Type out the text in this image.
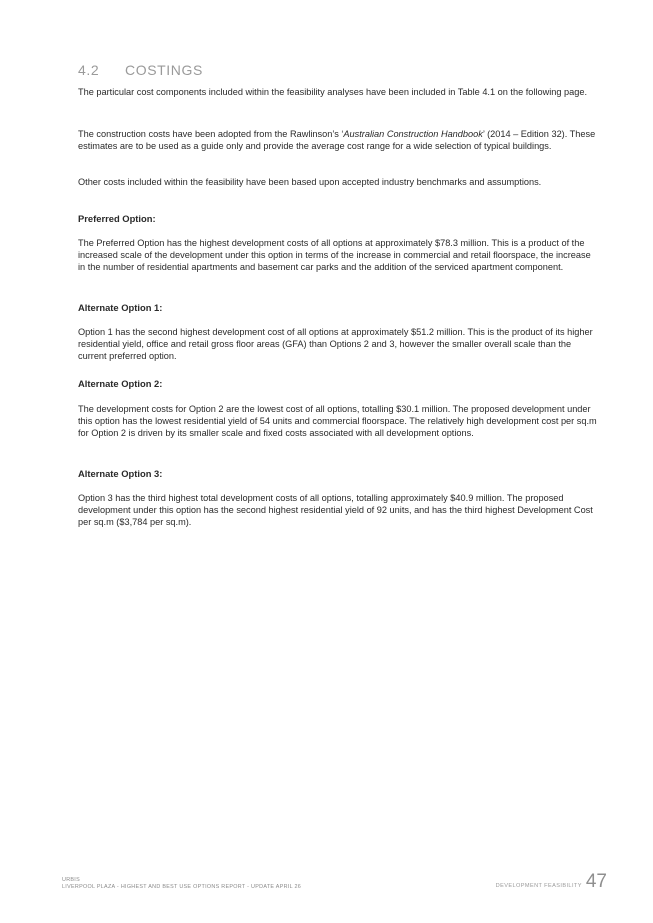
4.2 COSTINGS

The particular cost components included within the feasibility analyses have been included in Table 4.1 on the following page.

The construction costs have been adopted from the Rawlinson’s ‘Australian Construction Handbook’ (2014 – Edition 32). These estimates are to be used as a guide only and provide the average cost range for a wide selection of typical buildings.

Other costs included within the feasibility have been based upon accepted industry benchmarks and assumptions.

Preferred Option:

The Preferred Option has the highest development costs of all options at approximately $78.3 million. This is a product of the increased scale of the development under this option in terms of the increase in commercial and retail floorspace, the increase in the number of residential apartments and basement car parks and the addition of the serviced apartment component.

Alternate Option 1:

Option 1 has the second highest development cost of all options at approximately $51.2 million. This is the product of its higher residential yield, office and retail gross floor areas (GFA) than Options 2 and 3, however the smaller overall scale than the current preferred option.

Alternate Option 2:

The development costs for Option 2 are the lowest cost of all options, totalling $30.1 million. The proposed development under this option has the lowest residential yield of 54 units and commercial floorspace. The relatively high development cost per sq.m for Option 2 is driven by its smaller scale and fixed costs associated with all development options.

Alternate Option 3:

Option 3 has the third highest total development costs of all options, totalling approximately $40.9 million. The proposed development under this option has the second highest residential yield of 92 units, and has the third highest Development Cost per sq.m ($3,784 per sq.m).

URBIS
LIVERPOOL PLAZA - HIGHEST AND BEST USE OPTIONS REPORT - UPDATE APRIL 26	DEVELOPMENT FEASIBILITY 47
